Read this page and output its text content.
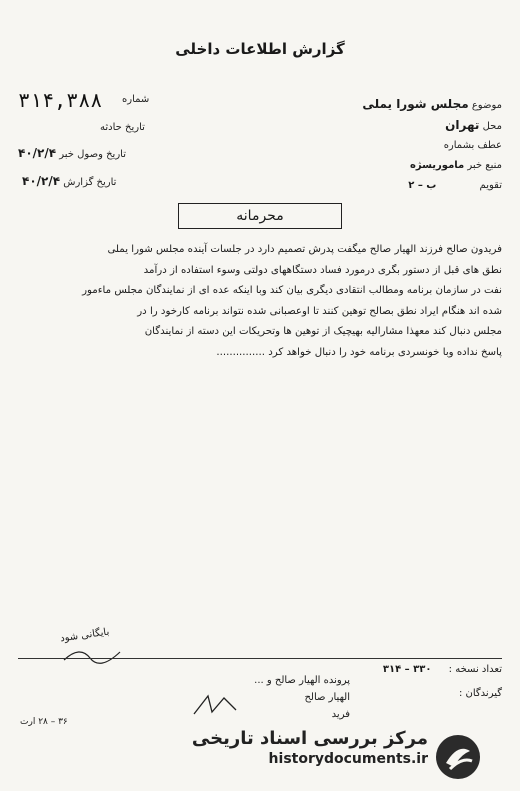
گزارش اطلاعات داخلی
۳۱۴,۳۸۸ شماره
تاریخ حادثه
تاریخ وصول خبر ۴۰/۲/۴
تاریخ گزارش ۴۰/۲/۴
موضوع مجلس شورا یملی
محل تهران
عطف بشماره
منبع خبر ماموریسژه
تقویم ب – ۲
محرمانه

فریدون صالح فرزند الهیار صالح میگفت پدرش تصمیم دارد در جلسات آینده مجلس شورا یملی

نطق های قبل از دستور بگری درمورد فساد دستگاههای دولتی وسوء استفاده از درآمد

نفت در سازمان برنامه ومطالب انتقادی دیگری بیان کند وبا اینکه عده ای از نمایندگان مجلس ماءمور

شده اند هنگام ایراد نطق بصالح توهین کنند تا اوعصبانی شده نتواند برنامه کارخود را در

مجلس دنبال کند معهذا مشارالیه بهیچیک از توهین ها وتحریکات این دسته از نمایندگان

پاسخ نداده وبا خونسردی برنامه خود را دنبال خواهد کرد ...............

بایگانی شود
تعداد نسخه : ۳۳۰ – ۳۱۴
گیرندگان :
پرونده الهیار صالح و ...
الهیار صالح
فرید
۳۶ – ۲۸ ارت
مرکز بررسی اسناد تاریخی
historydocuments.ir
